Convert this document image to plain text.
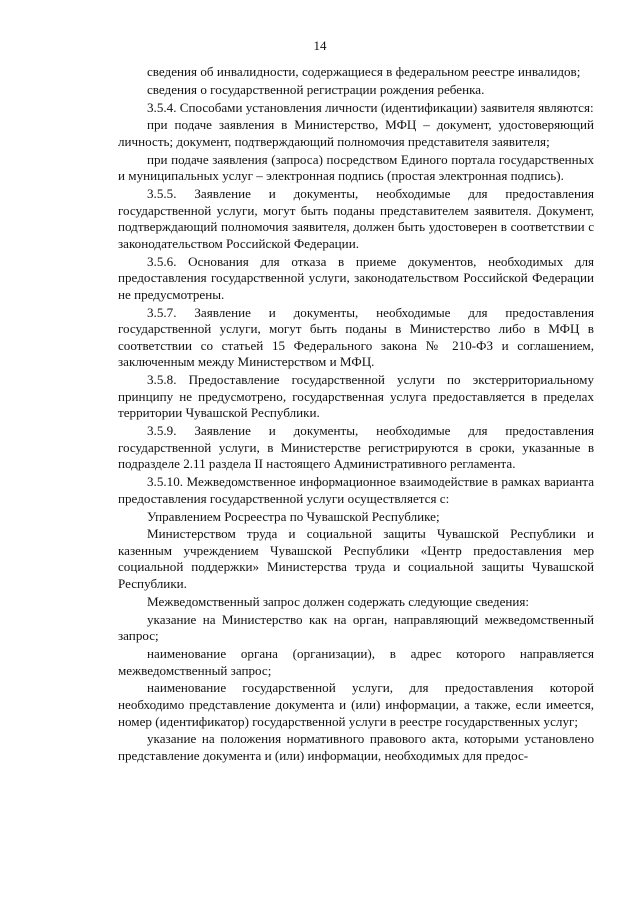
14

сведения об инвалидности, содержащиеся в федеральном реестре инвалидов;

сведения о государственной регистрации рождения ребенка.

3.5.4. Способами установления личности (идентификации) заявителя являются:

при подаче заявления в Министерство, МФЦ – документ, удостоверяющий личность; документ, подтверждающий полномочия представителя заявителя;

при подаче заявления (запроса) посредством Единого портала государственных и муниципальных услуг – электронная подпись (простая электронная подпись).

3.5.5. Заявление и документы, необходимые для предоставления государственной услуги, могут быть поданы представителем заявителя. Документ, подтверждающий полномочия заявителя, должен быть удостоверен в соответствии с законодательством Российской Федерации.

3.5.6. Основания для отказа в приеме документов, необходимых для предоставления государственной услуги, законодательством Российской Федерации не предусмотрены.

3.5.7. Заявление и документы, необходимые для предоставления государственной услуги, могут быть поданы в Министерство либо в МФЦ в соответствии со статьей 15 Федерального закона № 210-ФЗ и соглашением, заключенным между Министерством и МФЦ.

3.5.8. Предоставление государственной услуги по экстерриториальному принципу не предусмотрено, государственная услуга предоставляется в пределах территории Чувашской Республики.

3.5.9. Заявление и документы, необходимые для предоставления государственной услуги, в Министерстве регистрируются в сроки, указанные в подразделе 2.11 раздела II настоящего Административного регламента.

3.5.10. Межведомственное информационное взаимодействие в рамках варианта предоставления государственной услуги осуществляется с:

Управлением Росреестра по Чувашской Республике;

Министерством труда и социальной защиты Чувашской Республики и казенным учреждением Чувашской Республики «Центр предоставления мер социальной поддержки» Министерства труда и социальной защиты Чувашской Республики.

Межведомственный запрос должен содержать следующие сведения:

указание на Министерство как на орган, направляющий межведомственный запрос;

наименование органа (организации), в адрес которого направляется межведомственный запрос;

наименование государственной услуги, для предоставления которой необходимо представление документа и (или) информации, а также, если имеется, номер (идентификатор) государственной услуги в реестре государственных услуг;

указание на положения нормативного правового акта, которыми установлено представление документа и (или) информации, необходимых для предос-
